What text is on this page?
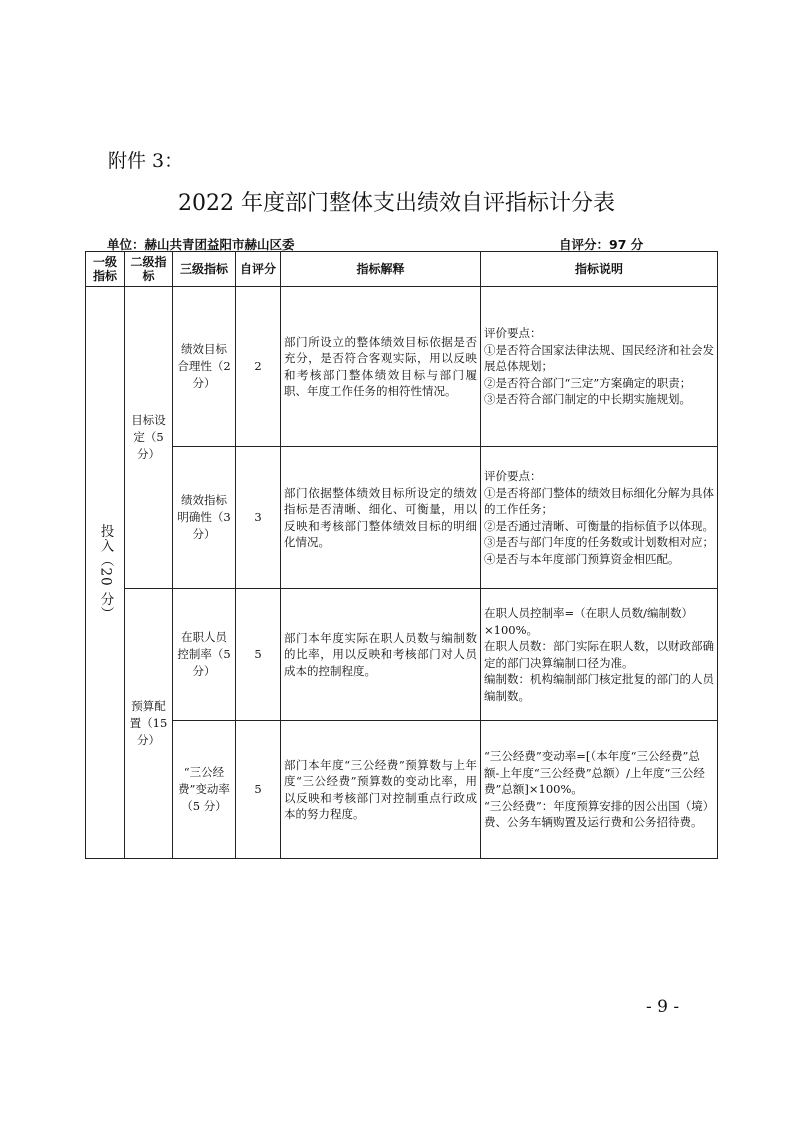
附件 3：
2022 年度部门整体支出绩效自评指标计分表
单位：赫山共青团益阳市赫山区委	自评分：97 分
一级指标	二级指标	三级指标	自评分	指标解释	指标说明

投入（20 分）	目标设定（5 分）	绩效目标合理性（2 分）	2	部门所设立的整体绩效目标依据是否充分，是否符合客观实际，用以反映和考核部门整体绩效目标与部门履职、年度工作任务的相符性情况。	评价要点：
①是否符合国家法律法规、国民经济和社会发展总体规划；
②是否符合部门“三定”方案确定的职责；
③是否符合部门制定的中长期实施规划。

		绩效指标明确性（3 分）	3	部门依据整体绩效目标所设定的绩效指标是否清晰、细化、可衡量，用以反映和考核部门整体绩效目标的明细化情况。	评价要点：
①是否将部门整体的绩效目标细化分解为具体的工作任务；
②是否通过清晰、可衡量的指标值予以体现。③是否与部门年度的任务数或计划数相对应；
④是否与本年度部门预算资金相匹配。

	预算配置（15 分）	在职人员控制率（5 分）	5	部门本年度实际在职人员数与编制数的比率，用以反映和考核部门对人员成本的控制程度。	在职人员控制率=（在职人员数/编制数）×100%。
在职人员数：部门实际在职人数，以财政部确定的部门决算编制口径为准。
编制数：机构编制部门核定批复的部门的人员编制数。

		“三公经费”变动率（5 分）	5	部门本年度“三公经费”预算数与上年度“三公经费”预算数的变动比率，用以反映和考核部门对控制重点行政成本的努力程度。	“三公经费”变动率=[（本年度“三公经费”总额-上年度“三公经费”总额）/上年度“三公经费”总额]×100%。
“三公经费”：年度预算安排的因公出国（境）费、公务车辆购置及运行费和公务招待费。
- 9 -
